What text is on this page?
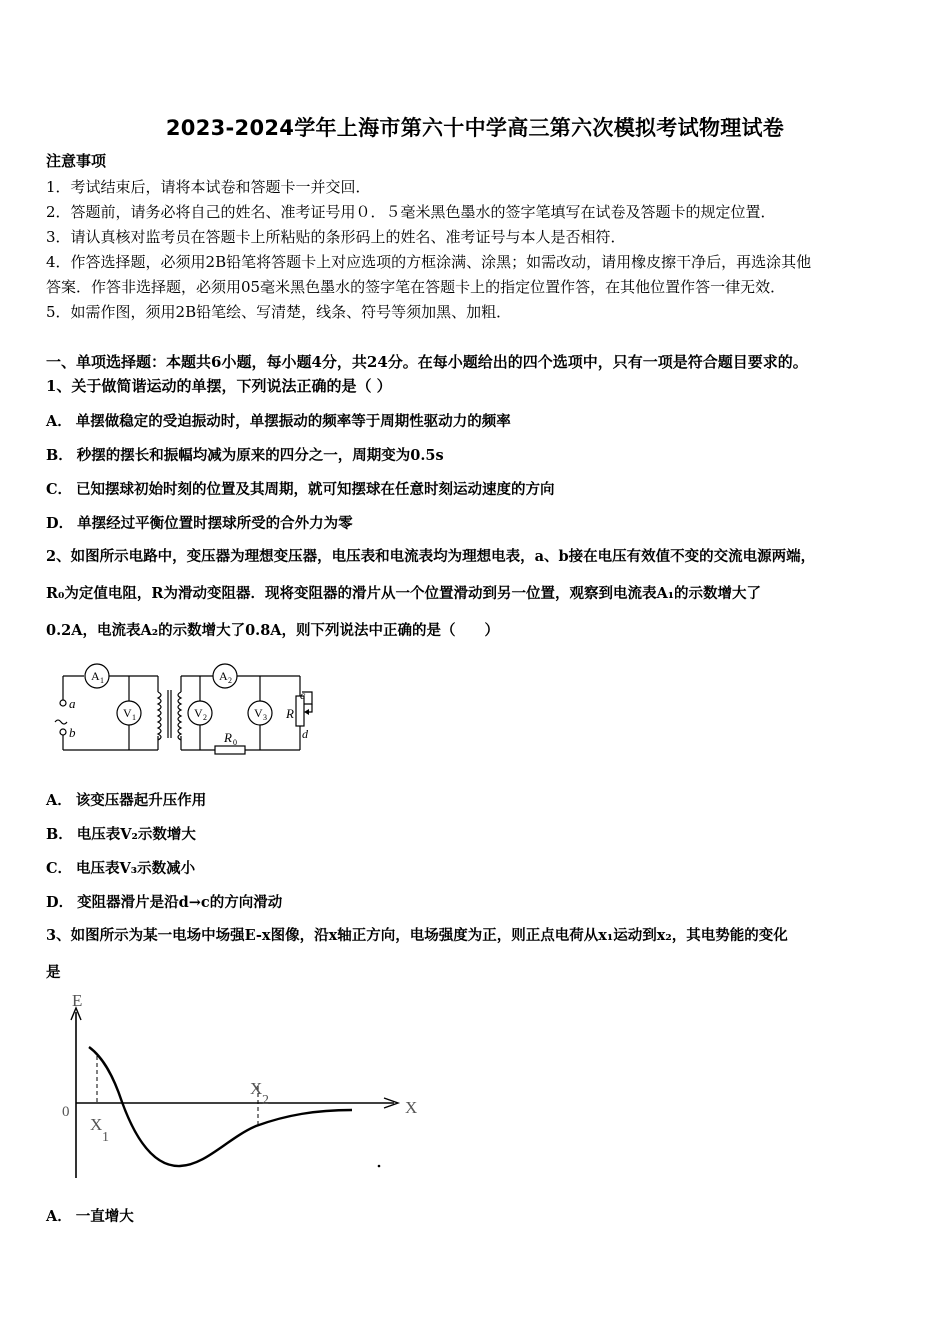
2023-2024学年上海市第六十中学高三第六次模拟考试物理试卷
注意事项
1．考试结束后，请将本试卷和答题卡一并交回．
2．答题前，请务必将自己的姓名、准考证号用０．５毫米黑色墨水的签字笔填写在试卷及答题卡的规定位置．
3．请认真核对监考员在答题卡上所粘贴的条形码上的姓名、准考证号与本人是否相符．
4．作答选择题，必须用2B铅笔将答题卡上对应选项的方框涂满、涂黑；如需改动，请用橡皮擦干净后，再选涂其他
答案．作答非选择题，必须用05毫米黑色墨水的签字笔在答题卡上的指定位置作答，在其他位置作答一律无效．
5．如需作图，须用2B铅笔绘、写清楚，线条、符号等须加黑、加粗．
一、单项选择题：本题共6小题，每小题4分，共24分。在每小题给出的四个选项中，只有一项是符合题目要求的。
1、关于做简谐运动的单摆，下列说法正确的是（ ）
A． 单摆做稳定的受迫振动时，单摆振动的频率等于周期性驱动力的频率
B． 秒摆的摆长和振幅均减为原来的四分之一，周期变为0.5s
C． 已知摆球初始时刻的位置及其周期，就可知摆球在任意时刻运动速度的方向
D． 单摆经过平衡位置时摆球所受的合外力为零
2、如图所示电路中，变压器为理想变压器，电压表和电流表均为理想电表，a、b接在电压有效值不变的交流电源两端，
R₀为定值电阻，R为滑动变阻器．现将变阻器的滑片从一个位置滑动到另一位置，观察到电流表A₁的示数增大了
0.2A，电流表A₂的示数增大了0.8A，则下列说法中正确的是（　　）
a
b
R
c
d
R 0
A 1	A 2
V 1	V 2	V 3
A． 该变压器起升压作用
B． 电压表V₂示数增大
C． 电压表V₃示数减小
D． 变阻器滑片是沿d→c的方向滑动
3、如图所示为某一电场中场强E-x图像，沿x轴正方向，电场强度为正，则正点电荷从x₁运动到x₂，其电势能的变化
是
E
X
0
X
1
X
2
A． 一直增大
